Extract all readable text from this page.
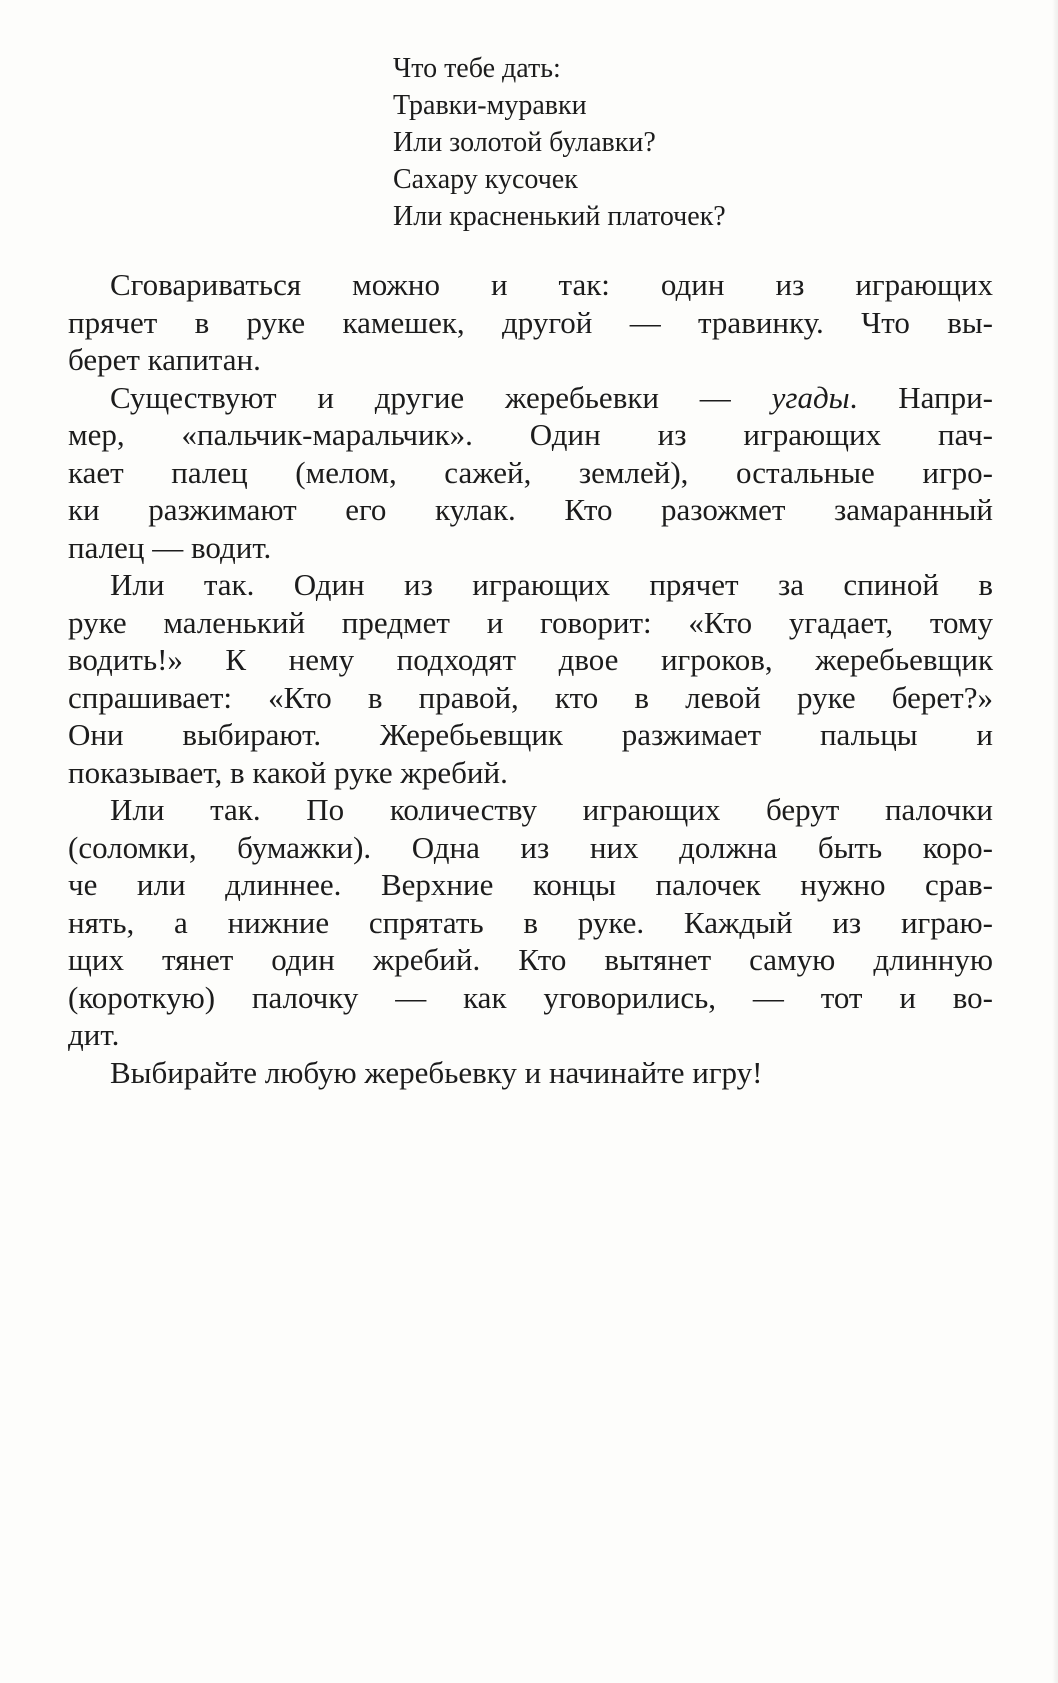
Что тебе дать:
Травки-муравки
Или золотой булавки?
Сахару кусочек
Или красненький платочек?

Сговариваться можно и так: один из играющих
прячет в руке камешек, другой — травинку. Что вы-
берет капитан.

Существуют и другие жеребьевки — угады. Напри-
мер, «пальчик-маральчик». Один из играющих пач-
кает палец (мелом, сажей, землей), остальные игро-
ки разжимают его кулак. Кто разожмет замаранный
палец — водит.

Или так. Один из играющих прячет за спиной в
руке маленький предмет и говорит: «Кто угадает, тому
водить!» К нему подходят двое игроков, жеребьевщик
спрашивает: «Кто в правой, кто в левой руке берет?»
Они выбирают. Жеребьевщик разжимает пальцы и
показывает, в какой руке жребий.

Или так. По количеству играющих берут палочки
(соломки, бумажки). Одна из них должна быть коро-
че или длиннее. Верхние концы палочек нужно срав-
нять, а нижние спрятать в руке. Каждый из играю-
щих тянет один жребий. Кто вытянет самую длинную
(короткую) палочку — как уговорились, — тот и во-
дит.

Выбирайте любую жеребьевку и начинайте игру!
